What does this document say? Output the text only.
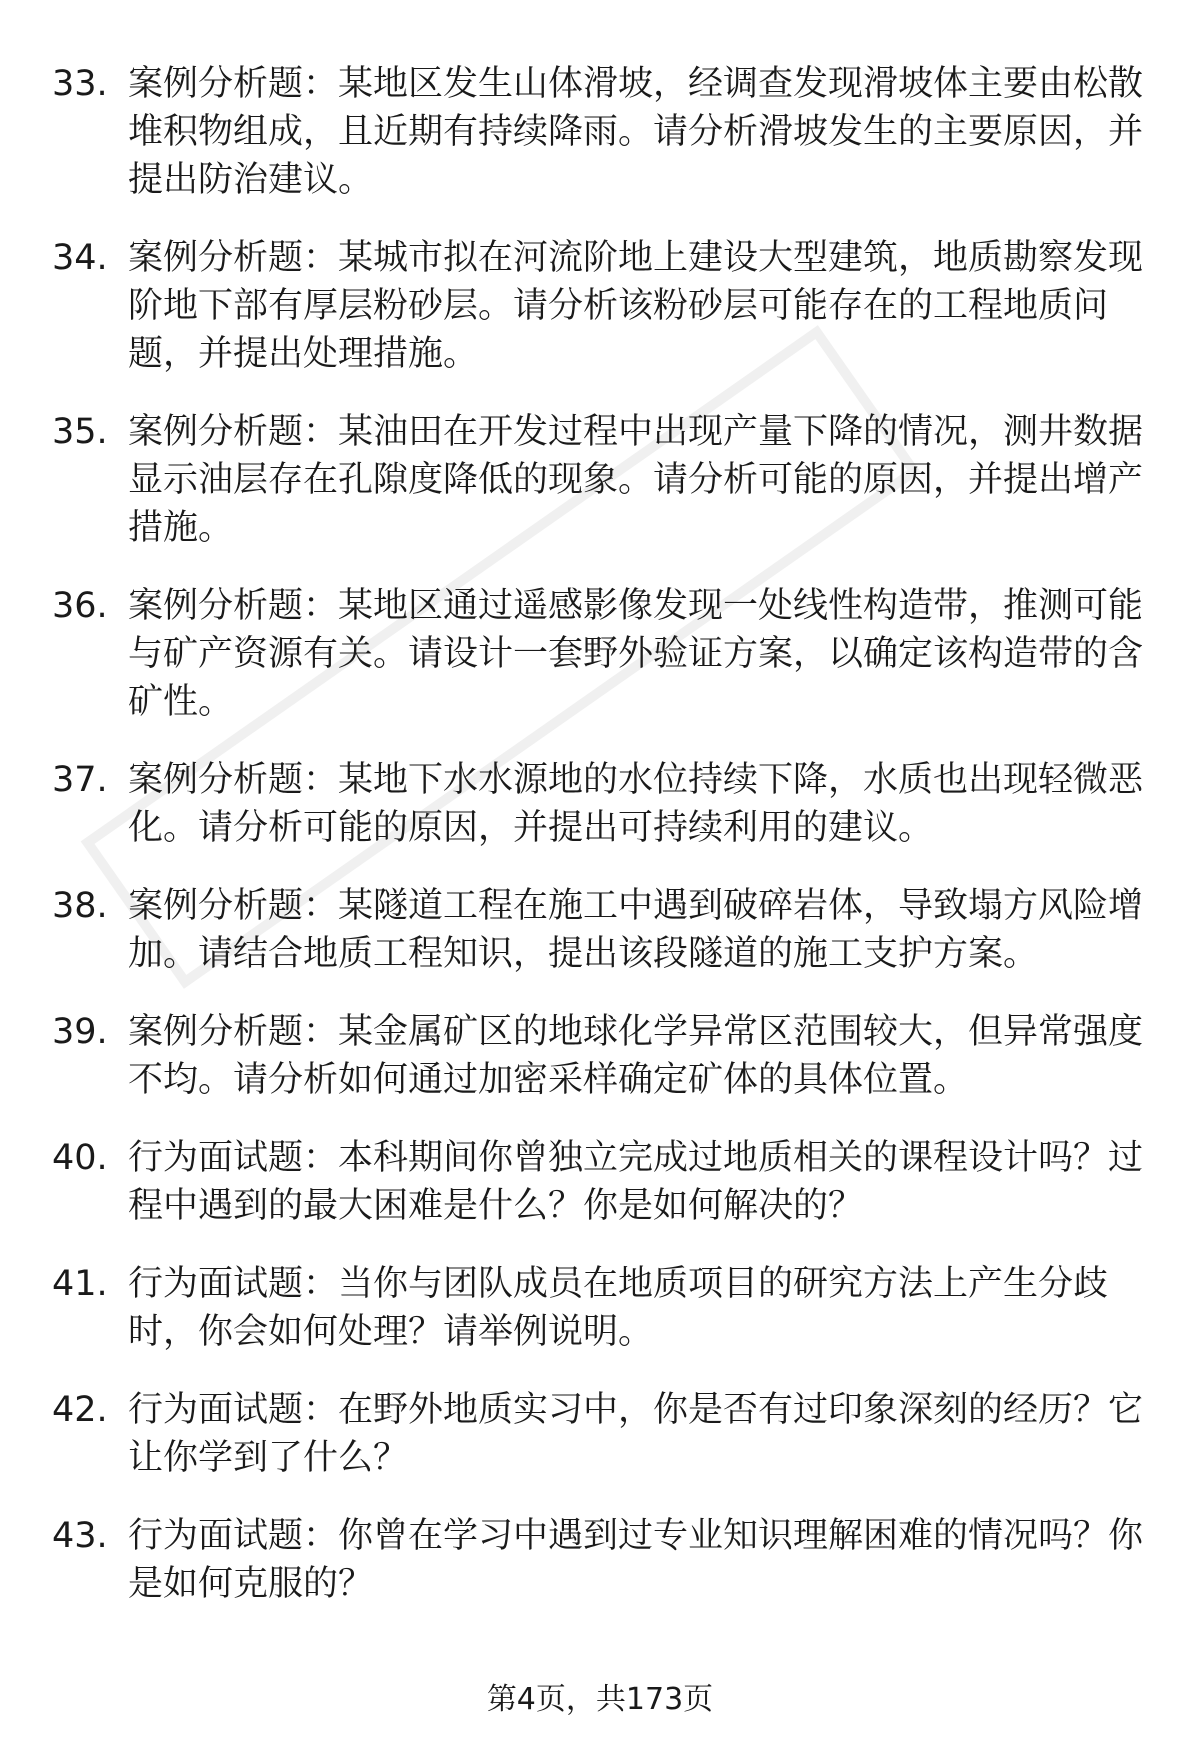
33. 案例分析题：某地区发生山体滑坡，经调查发现滑坡体主要由松散堆积物组成，且近期有持续降雨。请分析滑坡发生的主要原因，并提出防治建议。
34. 案例分析题：某城市拟在河流阶地上建设大型建筑，地质勘察发现阶地下部有厚层粉砂层。请分析该粉砂层可能存在的工程地质问题，并提出处理措施。
35. 案例分析题：某油田在开发过程中出现产量下降的情况，测井数据显示油层存在孔隙度降低的现象。请分析可能的原因，并提出增产措施。
36. 案例分析题：某地区通过遥感影像发现一处线性构造带，推测可能与矿产资源有关。请设计一套野外验证方案，以确定该构造带的含矿性。
37. 案例分析题：某地下水水源地的水位持续下降，水质也出现轻微恶化。请分析可能的原因，并提出可持续利用的建议。
38. 案例分析题：某隧道工程在施工中遇到破碎岩体，导致塌方风险增加。请结合地质工程知识，提出该段隧道的施工支护方案。
39. 案例分析题：某金属矿区的地球化学异常区范围较大，但异常强度不均。请分析如何通过加密采样确定矿体的具体位置。
40. 行为面试题：本科期间你曾独立完成过地质相关的课程设计吗？过程中遇到的最大困难是什么？你是如何解决的？
41. 行为面试题：当你与团队成员在地质项目的研究方法上产生分歧时，你会如何处理？请举例说明。
42. 行为面试题：在野外地质实习中，你是否有过印象深刻的经历？它让你学到了什么？
43. 行为面试题：你曾在学习中遇到过专业知识理解困难的情况吗？你是如何克服的？
第4页，共173页
